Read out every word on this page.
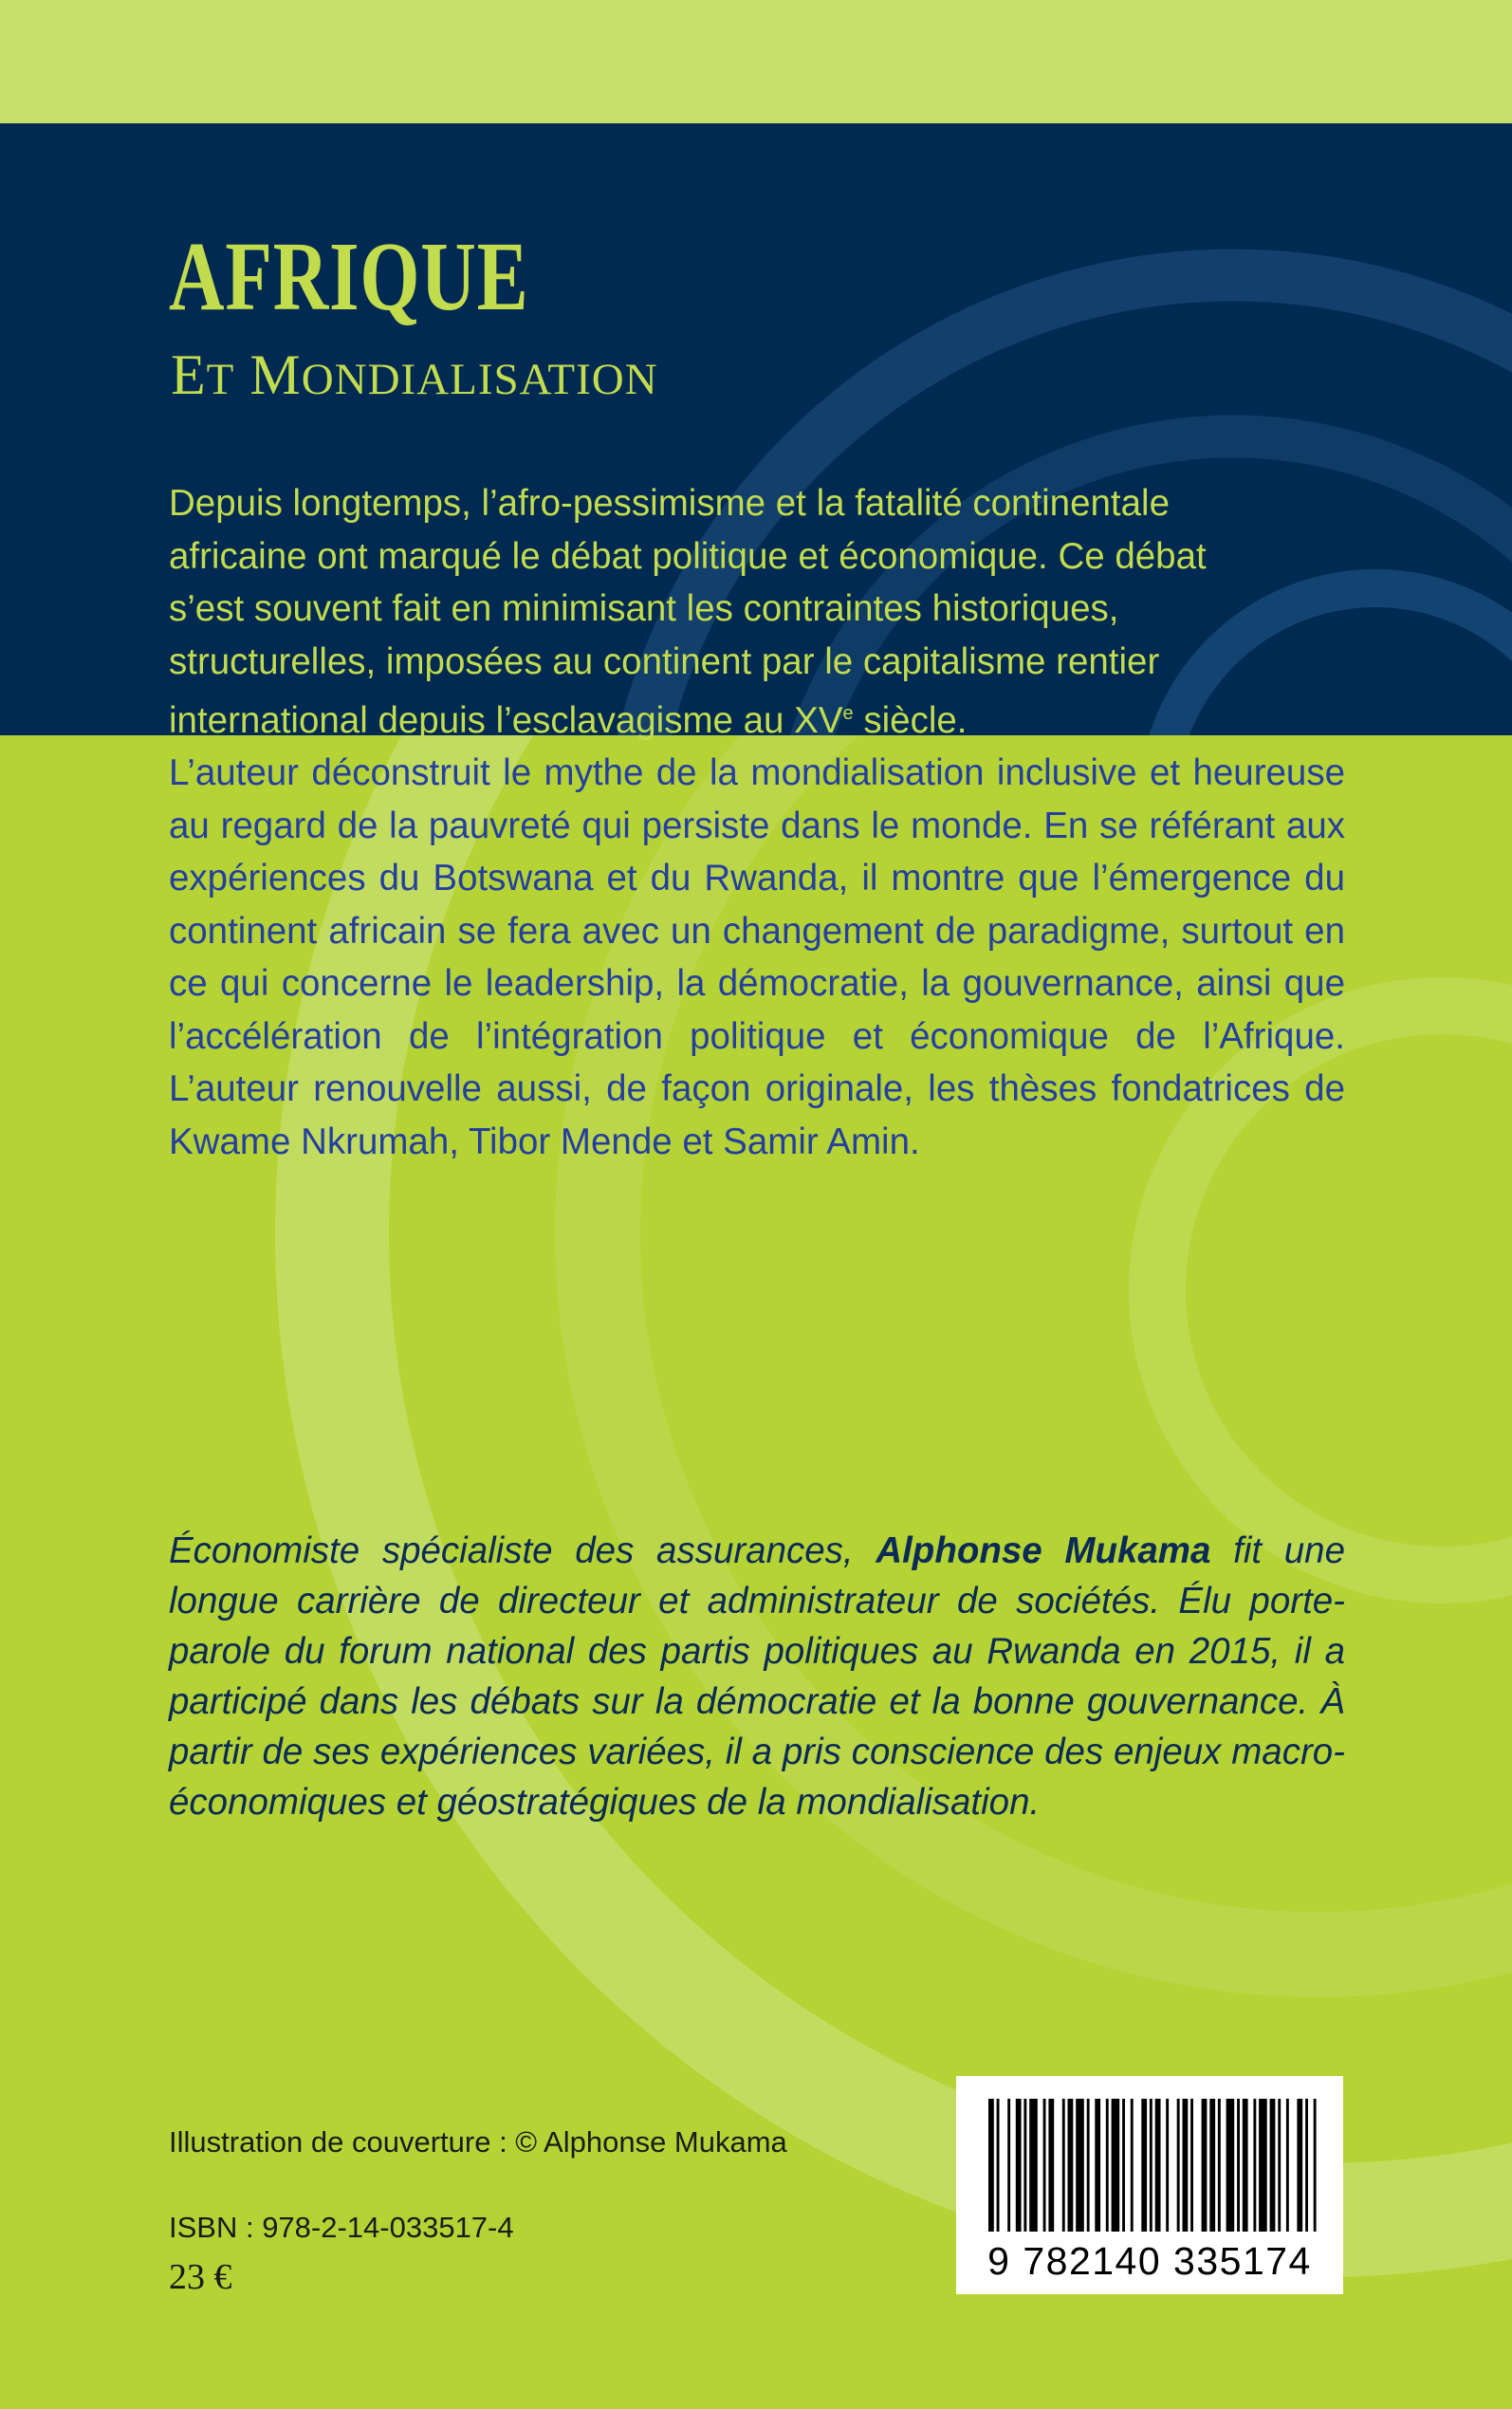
AFRIQUE

ET MONDIALISATION

Depuis longtemps, l’afro-pessimisme et la fatalité continentale

africaine ont marqué le débat politique et économique. Ce débat

s’est souvent fait en minimisant les contraintes historiques,

structurelles, imposées au continent par le capitalisme rentier

international depuis l’esclavagisme au XVe siècle.

L’auteur déconstruit le mythe de la mondialisation inclusive et heureuse au regard de la pauvreté qui persiste dans le monde. En se référant aux expériences du Botswana et du Rwanda, il montre que l’émergence du continent africain se fera avec un changement de paradigme, surtout en ce qui concerne le leadership, la démocratie, la gouvernance, ainsi que l’accélération de l’intégration politique et économique de l’Afrique. L’auteur renouvelle aussi, de façon originale, les thèses fondatrices de Kwame Nkrumah, Tibor Mende et Samir Amin.

Économiste spécialiste des assurances, Alphonse Mukama fit une longue carrière de directeur et administrateur de sociétés. Élu porte-parole du forum national des partis politiques au Rwanda en 2015, il a participé dans les débats sur la démocratie et la bonne gouvernance. À partir de ses expériences variées, il a pris conscience des enjeux macro-économiques et géostratégiques de la mondialisation.

Illustration de couverture : © Alphonse Mukama

ISBN : 978-2-14-033517-4

23 €	9 782140 335174
